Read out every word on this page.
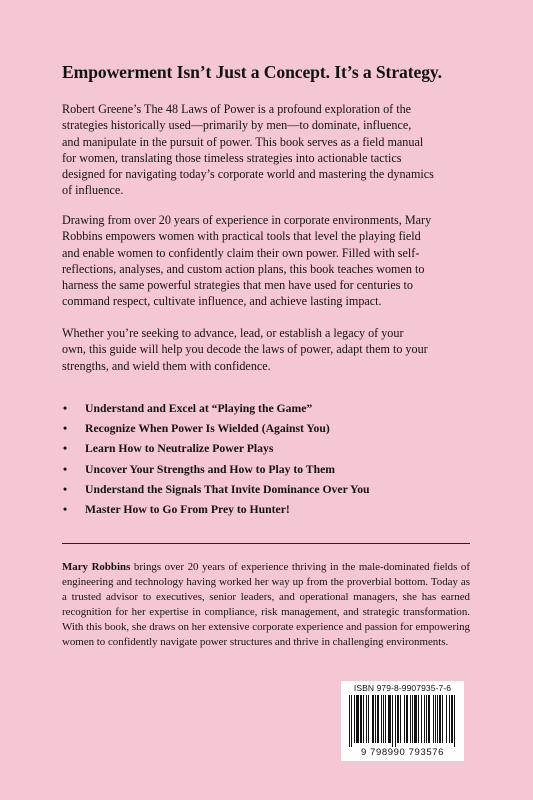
Empowerment Isn’t Just a Concept. It’s a Strategy.

Robert Greene’s The 48 Laws of Power is a profound exploration of the
strategies historically used—primarily by men—to dominate, influence,
and manipulate in the pursuit of power. This book serves as a field manual
for women, translating those timeless strategies into actionable tactics
designed for navigating today’s corporate world and mastering the dynamics
of influence.

Drawing from over 20 years of experience in corporate environments, Mary
Robbins empowers women with practical tools that level the playing field
and enable women to confidently claim their own power. Filled with self-
reflections, analyses, and custom action plans, this book teaches women to
harness the same powerful strategies that men have used for centuries to
command respect, cultivate influence, and achieve lasting impact.

Whether you’re seeking to advance, lead, or establish a legacy of your
own, this guide will help you decode the laws of power, adapt them to your
strengths, and wield them with confidence.

• Understand and Excel at “Playing the Game”
• Recognize When Power Is Wielded (Against You)
• Learn How to Neutralize Power Plays
• Uncover Your Strengths and How to Play to Them
• Understand the Signals That Invite Dominance Over You
• Master How to Go From Prey to Hunter!

Mary Robbins brings over 20 years of experience thriving in the male-dominated fields of engineering and technology having worked her way up from the proverbial bottom. Today as a trusted advisor to executives, senior leaders, and operational managers, she has earned recognition for her expertise in compliance, risk management, and strategic transformation. With this book, she draws on her extensive corporate experience and passion for empowering women to confidently navigate power structures and thrive in challenging environments.

ISBN 979-8-9907935-7-6
9 798990 793576
